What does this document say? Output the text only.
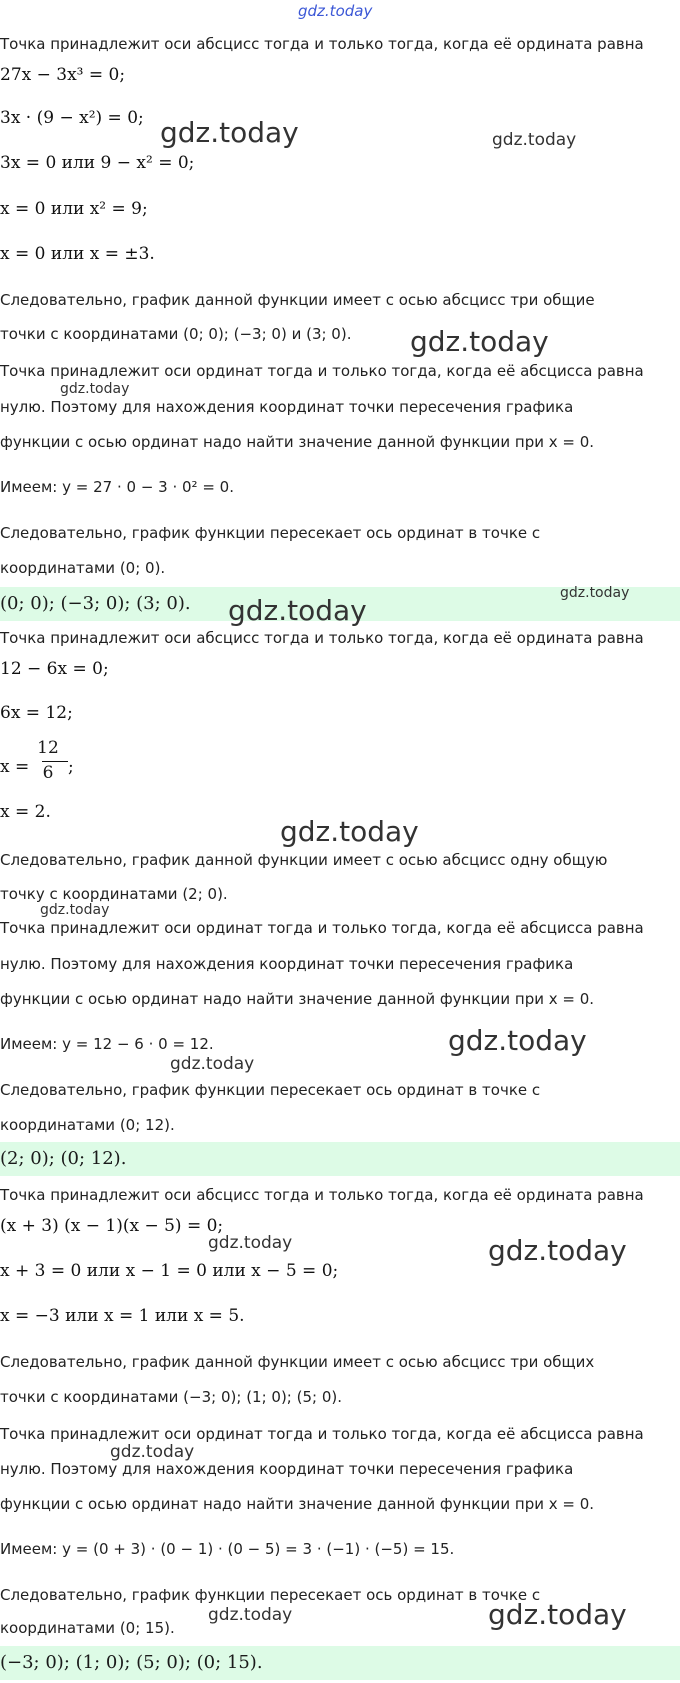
gdz.today
Точка принадлежит оси абсцисс тогда и только тогда, когда её ордината равна
27x − 3x³ = 0;
3x · (9 − x²) = 0;
3x = 0 или 9 − x² = 0;
x = 0 или x² = 9;
x = 0 или x = ±3.
Следовательно, график данной функции имеет с осью абсцисс три общие
точки с координатами (0; 0); (−3; 0) и (3; 0).
Точка принадлежит оси ординат тогда и только тогда, когда её абсцисса равна
нулю. Поэтому для нахождения координат точки пересечения графика
функции с осью ординат надо найти значение данной функции при x = 0.
Имеем: y = 27 · 0 − 3 · 0² = 0.
Следовательно, график функции пересекает ось ординат в точке с
координатами (0; 0).
(0; 0); (−3; 0); (3; 0).
Точка принадлежит оси абсцисс тогда и только тогда, когда её ордината равна
12 − 6x = 0;
6x = 12;
x =
12
6 ;
x = 2.
Следовательно, график данной функции имеет с осью абсцисс одну общую
точку с координатами (2; 0).
Точка принадлежит оси ординат тогда и только тогда, когда её абсцисса равна
нулю. Поэтому для нахождения координат точки пересечения графика
функции с осью ординат надо найти значение данной функции при x = 0.
Имеем: y = 12 − 6 · 0 = 12.
Следовательно, график функции пересекает ось ординат в точке с
координатами (0; 12).
(2; 0); (0; 12).
Точка принадлежит оси абсцисс тогда и только тогда, когда её ордината равна
(x + 3) (x − 1)(x − 5) = 0;
x + 3 = 0 или x − 1 = 0 или x − 5 = 0;
x = −3 или x = 1 или x = 5.
Следовательно, график данной функции имеет с осью абсцисс три общих
точки с координатами (−3; 0); (1; 0); (5; 0).
Точка принадлежит оси ординат тогда и только тогда, когда её абсцисса равна
нулю. Поэтому для нахождения координат точки пересечения графика
функции с осью ординат надо найти значение данной функции при x = 0.
Имеем: y = (0 + 3) · (0 − 1) · (0 − 5) = 3 · (−1) · (−5) = 15.
Следовательно, график функции пересекает ось ординат в точке с
координатами (0; 15).
(−3; 0); (1; 0); (5; 0); (0; 15).
gdz.today	gdz.today
gdz.today
gdz.today
gdz.today
gdz.today
gdz.today
gdz.today
gdz.today
gdz.today
gdz.today	gdz.today
gdz.today
gdz.today	gdz.today
